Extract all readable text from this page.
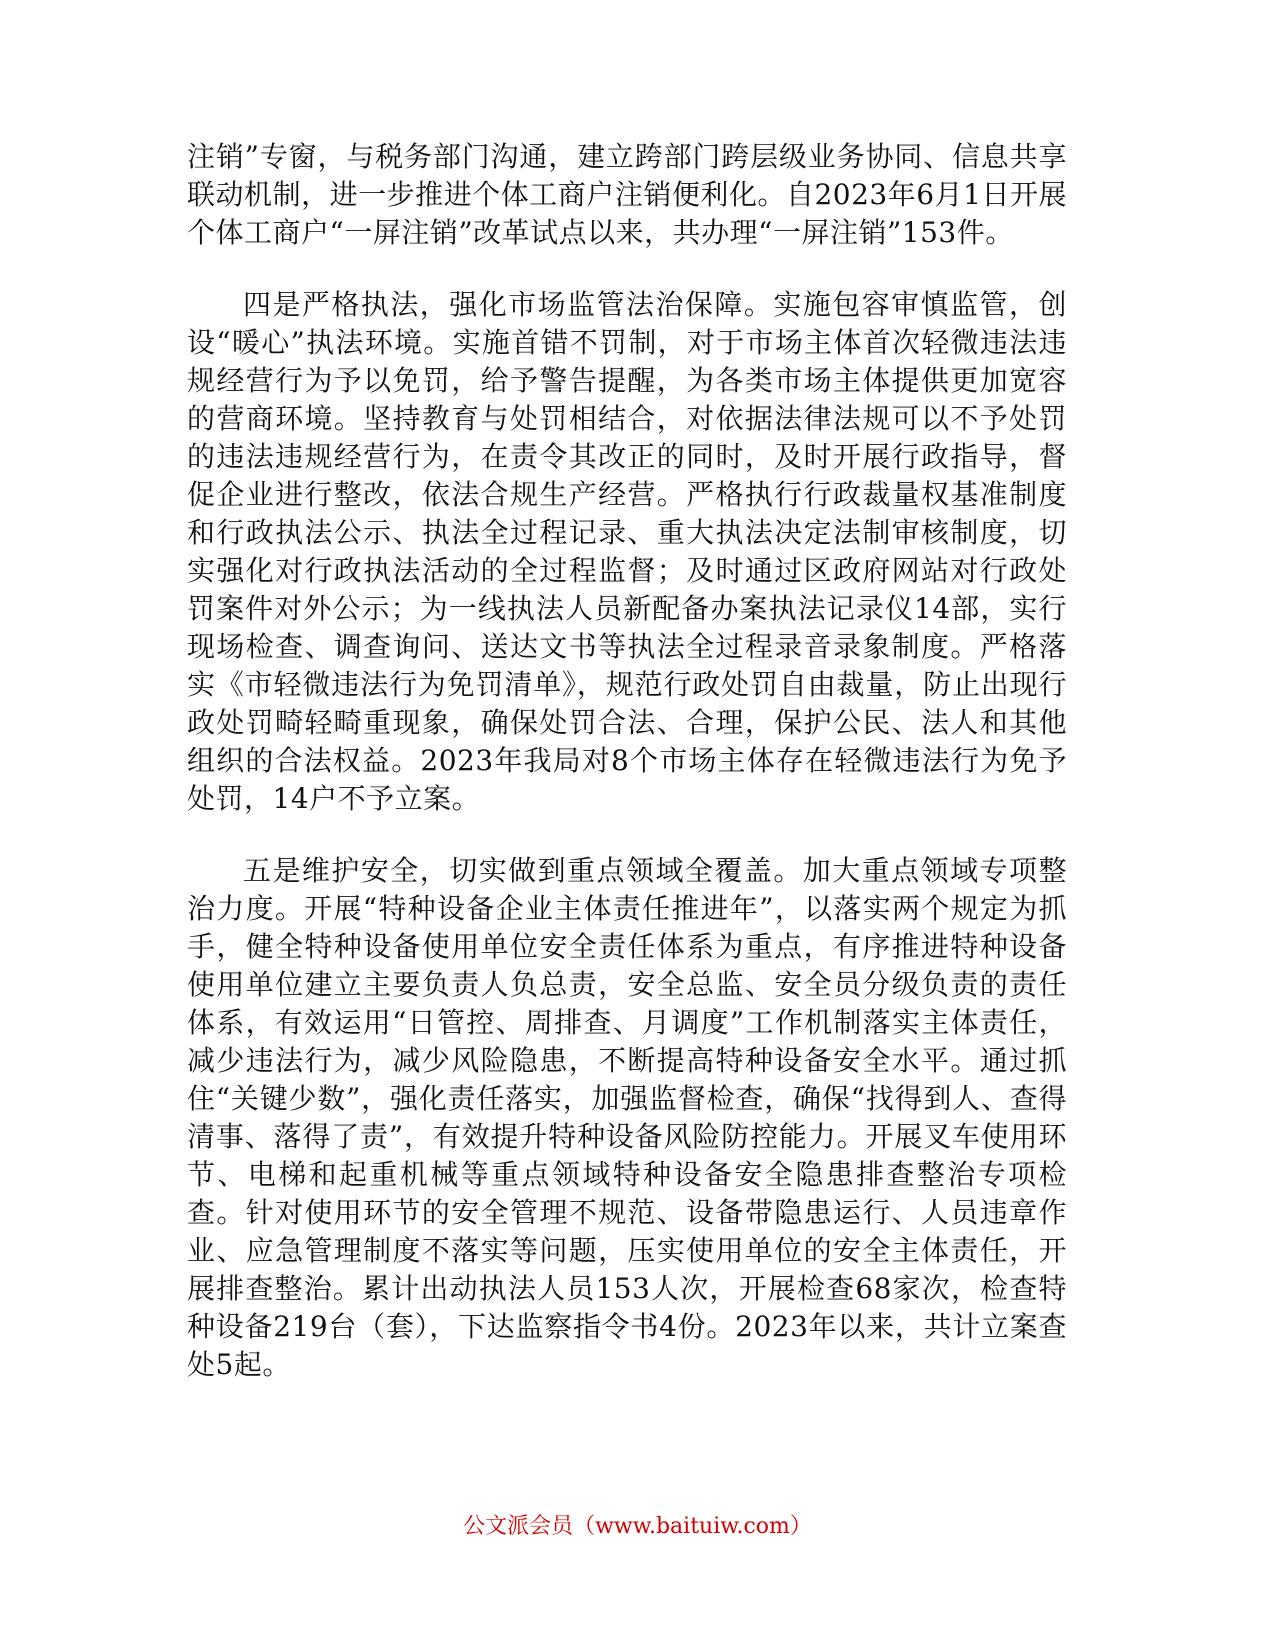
注销”专窗，与税务部门沟通，建立跨部门跨层级业务协同、信息共享联动机制，进一步推进个体工商户注销便利化。自2023年6月1日开展个体工商户“一屏注销”改革试点以来，共办理“一屏注销”153件。

四是严格执法，强化市场监管法治保障。实施包容审慎监管，创设“暖心”执法环境。实施首错不罚制，对于市场主体首次轻微违法违规经营行为予以免罚，给予警告提醒，为各类市场主体提供更加宽容的营商环境。坚持教育与处罚相结合，对依据法律法规可以不予处罚的违法违规经营行为，在责令其改正的同时，及时开展行政指导，督促企业进行整改，依法合规生产经营。严格执行行政裁量权基准制度和行政执法公示、执法全过程记录、重大执法决定法制审核制度，切实强化对行政执法活动的全过程监督；及时通过区政府网站对行政处罚案件对外公示；为一线执法人员新配备办案执法记录仪14部，实行现场检查、调查询问、送达文书等执法全过程录音录象制度。严格落实《市轻微违法行为免罚清单》，规范行政处罚自由裁量，防止出现行政处罚畸轻畸重现象，确保处罚合法、合理，保护公民、法人和其他组织的合法权益。2023年我局对8个市场主体存在轻微违法行为免予处罚，14户不予立案。

五是维护安全，切实做到重点领域全覆盖。加大重点领域专项整治力度。开展“特种设备企业主体责任推进年”，以落实两个规定为抓手，健全特种设备使用单位安全责任体系为重点，有序推进特种设备使用单位建立主要负责人负总责，安全总监、安全员分级负责的责任体系，有效运用“日管控、周排查、月调度”工作机制落实主体责任，减少违法行为，减少风险隐患，不断提高特种设备安全水平。通过抓住“关键少数”，强化责任落实，加强监督检查，确保“找得到人、查得清事、落得了责”，有效提升特种设备风险防控能力。开展叉车使用环节、电梯和起重机械等重点领域特种设备安全隐患排查整治专项检查。针对使用环节的安全管理不规范、设备带隐患运行、人员违章作业、应急管理制度不落实等问题，压实使用单位的安全主体责任，开展排查整治。累计出动执法人员153人次，开展检查68家次，检查特种设备219台（套），下达监察指令书4份。2023年以来，共计立案查处5起。

公文派会员（www.baituiw.com）
